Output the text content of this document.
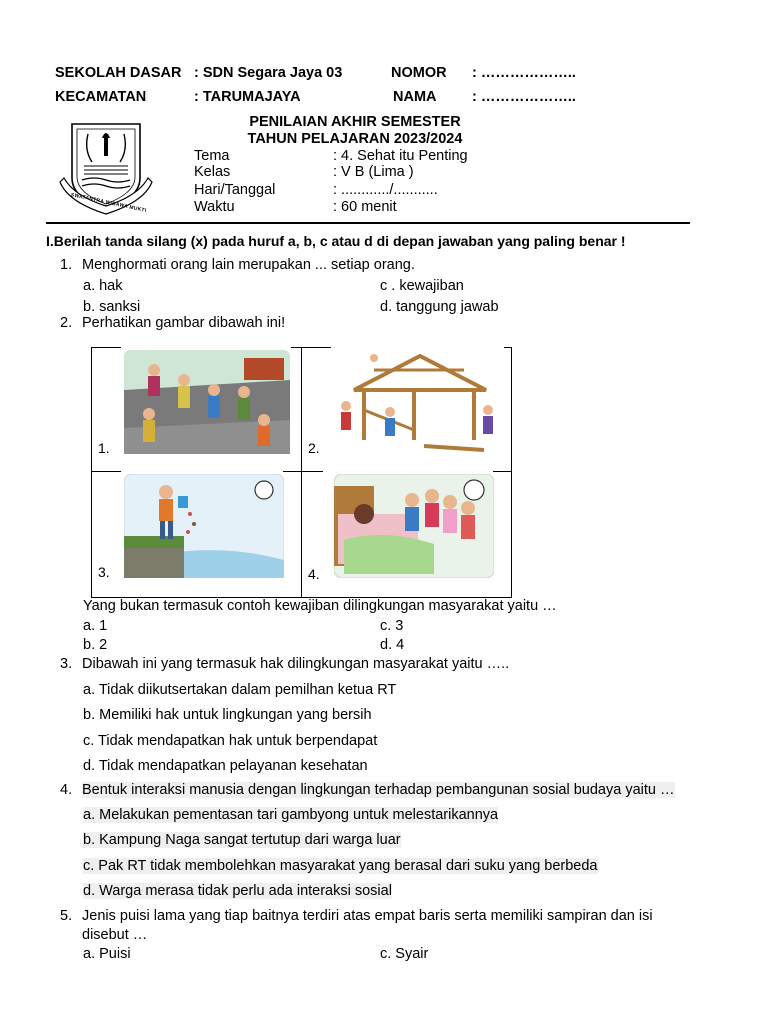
SEKOLAH DASAR : SDN Segara Jaya 03	NOMOR : ………………..
KECAMATAN	: TARUMAJAYA	NAMA : ………………..
SWATANTRA WIBAWA MUKTI
PENILAIAN AKHIR SEMESTER
TAHUN PELAJARAN 2023/2024
Tema	: 4. Sehat itu Penting
Kelas	: V B (Lima )
Hari/Tanggal	: ............/...........
Waktu	: 60 menit
I.Berilah tanda silang (x) pada huruf a, b, c atau d di depan jawaban yang paling benar !
1. Menghormati orang lain merupakan ... setiap orang.
a. hak	c . kewajiban
b. sanksi	d. tanggung jawab
2. Perhatikan gambar dibawah ini!
1.	2.
3.	4.
Yang bukan termasuk contoh kewajiban dilingkungan masyarakat yaitu …
a. 1	c. 3
b. 2	d. 4
3. Dibawah ini yang termasuk hak dilingkungan masyarakat yaitu …..
a. Tidak diikutsertakan dalam pemilhan ketua RT
b. Memiliki hak untuk lingkungan yang bersih
c. Tidak mendapatkan hak untuk berpendapat
d. Tidak mendapatkan pelayanan kesehatan
4. Bentuk interaksi manusia dengan lingkungan terhadap pembangunan sosial budaya yaitu …
a. Melakukan pementasan tari gambyong untuk melestarikannya
b. Kampung Naga sangat tertutup dari warga luar
c. Pak RT tidak membolehkan masyarakat yang berasal dari suku yang berbeda
d. Warga merasa tidak perlu ada interaksi sosial
5. Jenis puisi lama yang tiap baitnya terdiri atas empat baris serta memiliki sampiran dan isi
disebut …
a. Puisi	c. Syair
